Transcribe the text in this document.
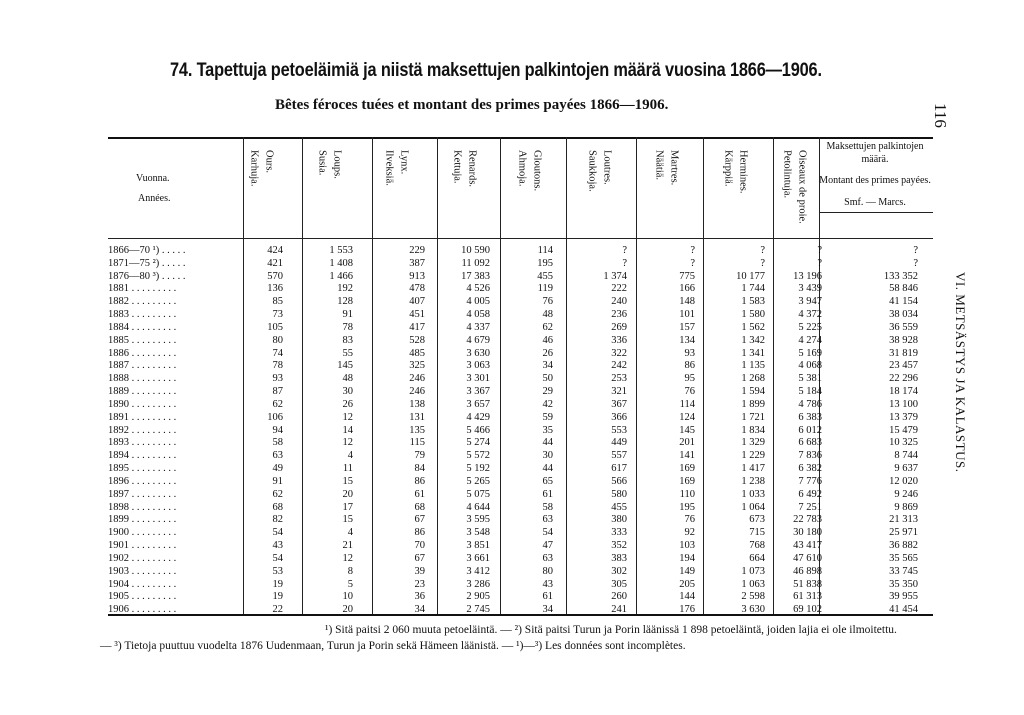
74. Tapettuja petoeläimiä ja niistä maksettujen palkintojen määrä vuosina 1866—1906.
Bêtes féroces tuées et montant des primes payées 1866—1906.	116
VI. METSÄSTYS JA KALASTUS.
Vuonna.
Années.
Karhuja. Ours.	Susia. Loups.	Ilveksiä. Lynx.	Kettuja. Renards.	Ahmoja. Gloutons.	Saukkoja. Loutres.	Näätiä. Martres.	Kärppiä. Hermines.	Petolintuja. Oiseaux de proie.
Maksettujen palkintojen määrä.
Montant des primes payées.
Smf. — Marcs.
1866—70 ¹) . . . . .	424	1 553	229	10 590	114	?	?	?	?	?
1871—75 ²) . . . . .	421	1 408	387	11 092	195	?	?	?	?	?
1876—80 ³) . . . . .	570	1 466	913	17 383	455	1 374	775	10 177	13 196	133 352
1881 . . . . . . . . .	136	192	478	4 526	119	222	166	1 744	3 439	58 846
1882 . . . . . . . . .	85	128	407	4 005	76	240	148	1 583	3 947	41 154
1883 . . . . . . . . .	73	91	451	4 058	48	236	101	1 580	4 372	38 034
1884 . . . . . . . . .	105	78	417	4 337	62	269	157	1 562	5 225	36 559
1885 . . . . . . . . .	80	83	528	4 679	46	336	134	1 342	4 274	38 928
1886 . . . . . . . . .	74	55	485	3 630	26	322	93	1 341	5 169	31 819
1887 . . . . . . . . .	78	145	325	3 063	34	242	86	1 135	4 068	23 457
1888 . . . . . . . . .	93	48	246	3 301	50	253	95	1 268	5 381	22 296
1889 . . . . . . . . .	87	30	246	3 367	29	321	76	1 594	5 184	18 174
1890 . . . . . . . . .	62	26	138	3 657	42	367	114	1 899	4 786	13 100
1891 . . . . . . . . .	106	12	131	4 429	59	366	124	1 721	6 383	13 379
1892 . . . . . . . . .	94	14	135	5 466	35	553	145	1 834	6 012	15 479
1893 . . . . . . . . .	58	12	115	5 274	44	449	201	1 329	6 683	10 325
1894 . . . . . . . . .	63	4	79	5 572	30	557	141	1 229	7 836	8 744
1895 . . . . . . . . .	49	11	84	5 192	44	617	169	1 417	6 382	9 637
1896 . . . . . . . . .	91	15	86	5 265	65	566	169	1 238	7 776	12 020
1897 . . . . . . . . .	62	20	61	5 075	61	580	110	1 033	6 492	9 246
1898 . . . . . . . . .	68	17	68	4 644	58	455	195	1 064	7 251	9 869
1899 . . . . . . . . .	82	15	67	3 595	63	380	76	673	22 783	21 313
1900 . . . . . . . . .	54	4	86	3 548	54	333	92	715	30 180	25 971
1901 . . . . . . . . .	43	21	70	3 851	47	352	103	768	43 417	36 882
1902 . . . . . . . . .	54	12	67	3 661	63	383	194	664	47 610	35 565
1903 . . . . . . . . .	53	8	39	3 412	80	302	149	1 073	46 898	33 745
1904 . . . . . . . . .	19	5	23	3 286	43	305	205	1 063	51 838	35 350
1905 . . . . . . . . .	19	10	36	2 905	61	260	144	2 598	61 313	39 955
1906 . . . . . . . . .	22	20	34	2 745	34	241	176	3 630	69 102	41 454
¹) Sitä paitsi 2 060 muuta petoeläintä. — ²) Sitä paitsi Turun ja Porin läänissä 1 898 petoeläintä, joiden lajia ei ole ilmoitettu.
— ³) Tietoja puuttuu vuodelta 1876 Uudenmaan, Turun ja Porin sekä Hämeen läänistä. — ¹)—³) Les données sont incomplètes.
